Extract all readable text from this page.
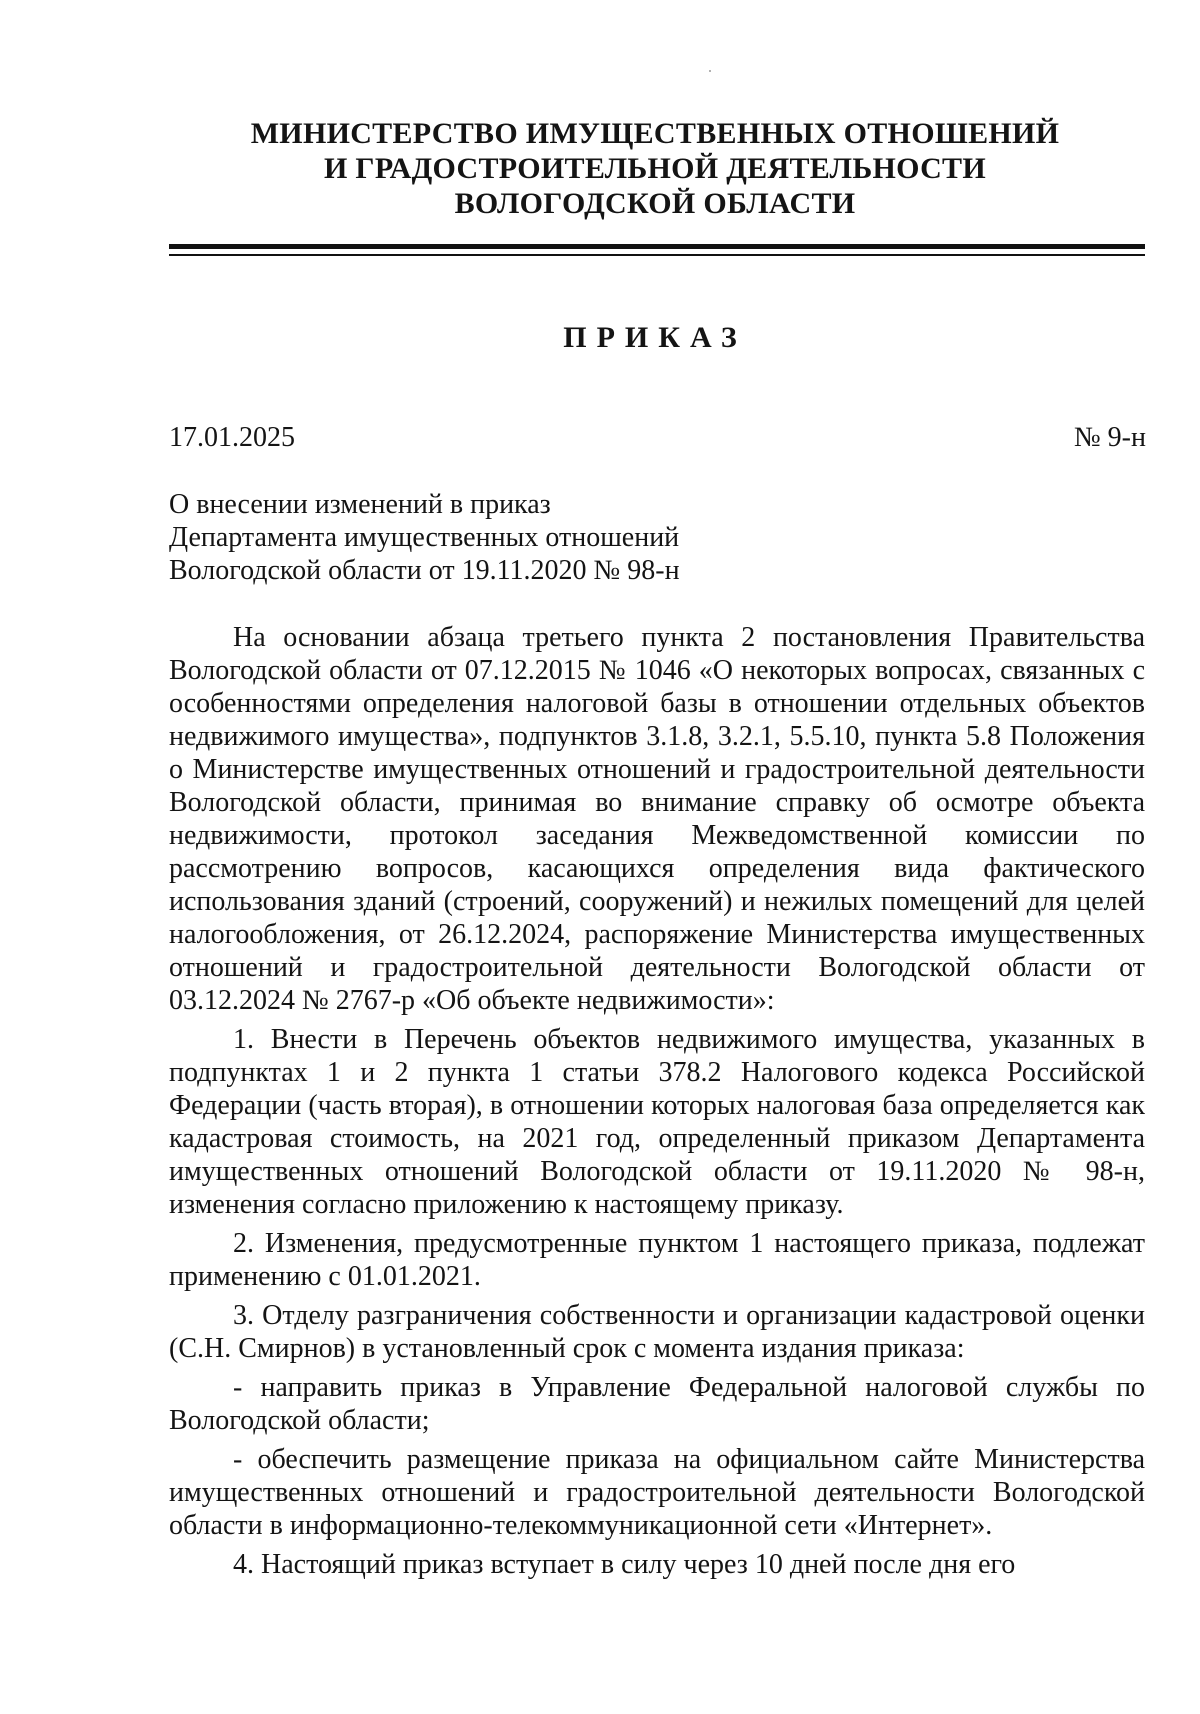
МИНИСТЕРСТВО ИМУЩЕСТВЕННЫХ ОТНОШЕНИЙ
И ГРАДОСТРОИТЕЛЬНОЙ ДЕЯТЕЛЬНОСТИ
ВОЛОГОДСКОЙ ОБЛАСТИ
ПРИКАЗ
17.01.2025	№ 9-н
О внесении изменений в приказ
Департамента имущественных отношений
Вологодской области от 19.11.2020 № 98-н

На основании абзаца третьего пункта 2 постановления Правительства Вологодской области от 07.12.2015 № 1046 «О некоторых вопросах, связанных с особенностями определения налоговой базы в отношении отдельных объектов недвижимого имущества», подпунктов 3.1.8, 3.2.1, 5.5.10, пункта 5.8 Положения о Министерстве имущественных отношений и градостроительной деятельности Вологодской области, принимая во внимание справку об осмотре объекта недвижимости, протокол заседания Межведомственной комиссии по рассмотрению вопросов, касающихся определения вида фактического использования зданий (строений, сооружений) и нежилых помещений для целей налогообложения, от 26.12.2024, распоряжение Министерства имущественных отношений и градостроительной деятельности Вологодской области от 03.12.2024 № 2767-р «Об объекте недвижимости»:

1. Внести в Перечень объектов недвижимого имущества, указанных в подпунктах 1 и 2 пункта 1 статьи 378.2 Налогового кодекса Российской Федерации (часть вторая), в отношении которых налоговая база определяется как кадастровая стоимость, на 2021 год, определенный приказом Департамента имущественных отношений Вологодской области от 19.11.2020 № 98-н, изменения согласно приложению к настоящему приказу.

2. Изменения, предусмотренные пунктом 1 настоящего приказа, подлежат применению с 01.01.2021.

3. Отделу разграничения собственности и организации кадастровой оценки (С.Н. Смирнов) в установленный срок с момента издания приказа:

- направить приказ в Управление Федеральной налоговой службы по Вологодской области;

- обеспечить размещение приказа на официальном сайте Министерства имущественных отношений и градостроительной деятельности Вологодской области в информационно-телекоммуникационной сети «Интернет».

4. Настоящий приказ вступает в силу через 10 дней после дня его
